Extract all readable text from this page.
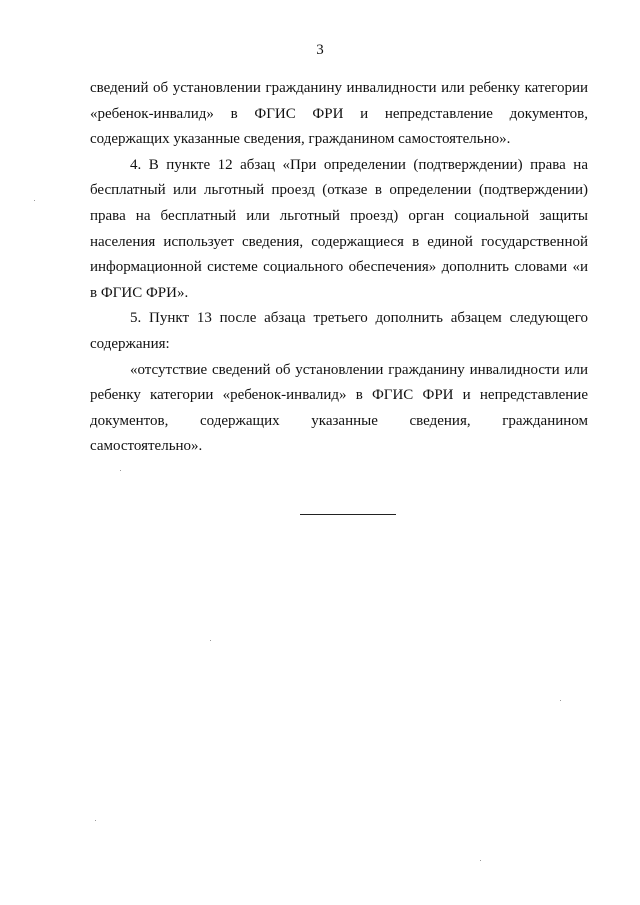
3

сведений об установлении гражданину инвалидности или ребенку категории «ребенок-инвалид» в ФГИС ФРИ и непредставление документов, содержащих указанные сведения, гражданином самостоятельно».

4. В пункте 12 абзац «При определении (подтверждении) права на бесплатный или льготный проезд (отказе в определении (подтверждении) права на бесплатный или льготный проезд) орган социальной защиты населения использует сведения, содержащиеся в единой государственной информационной системе социального обеспечения» дополнить словами «и в ФГИС ФРИ».

5. Пункт 13 после абзаца третьего дополнить абзацем следующего содержания:

«отсутствие сведений об установлении гражданину инвалидности или ребенку категории «ребенок-инвалид» в ФГИС ФРИ и непредставление документов, содержащих указанные сведения, гражданином самостоятельно».
